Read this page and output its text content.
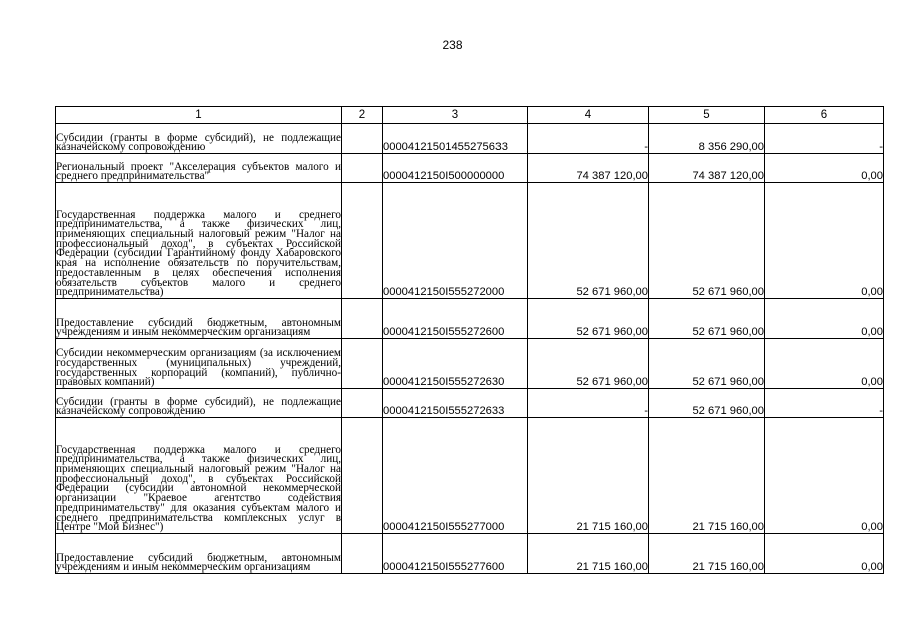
238
1	2	3	4	5	6
Субсидии (гранты в форме субсидий), не подлежащие казначейскому сопровождению		000041215014552756З3	-	8 356 290,00	-
Региональный проект "Акселерация субъектов малого и среднего предпринимательства"		0000412150I500000000	74 387 120,00	74 387 120,00	0,00
Государственная поддержка малого и среднего предпринимательства, а также физических лиц, применяющих специальный налоговый режим "Налог на профессиональный доход", в субъектах Российской Федерации (субсидии Гарантийному фонду Хабаровского края на исполнение обязательств по поручительствам, предоставленным в целях обеспечения исполнения обязательств субъектов малого и среднего предпринимательства)		0000412150I555272000	52 671 960,00	52 671 960,00	0,00
Предоставление субсидий бюджетным, автономным учреждениям и иным некоммерческим организациям		0000412150I555272600	52 671 960,00	52 671 960,00	0,00
Субсидии некоммерческим организациям (за исключением государственных (муниципальных) учреждений, государственных корпораций (компаний), публично-правовых компаний)		0000412150I555272630	52 671 960,00	52 671 960,00	0,00
Субсидии (гранты в форме субсидий), не подлежащие казначейскому сопровождению		0000412150I555272633	-	52 671 960,00	-
Государственная поддержка малого и среднего предпринимательства, а также физических лиц, применяющих специальный налоговый режим "Налог на профессиональный доход", в субъектах Российской Федерации (субсидии автономной некоммерческой организации "Краевое агентство содействия предпринимательству" для оказания субъектам малого и среднего предпринимательства комплексных услуг в Центре "Мой Бизнес")		0000412150I555277000	21 715 160,00	21 715 160,00	0,00
Предоставление субсидий бюджетным, автономным учреждениям и иным некоммерческим организациям		0000412150I555277600	21 715 160,00	21 715 160,00	0,00
